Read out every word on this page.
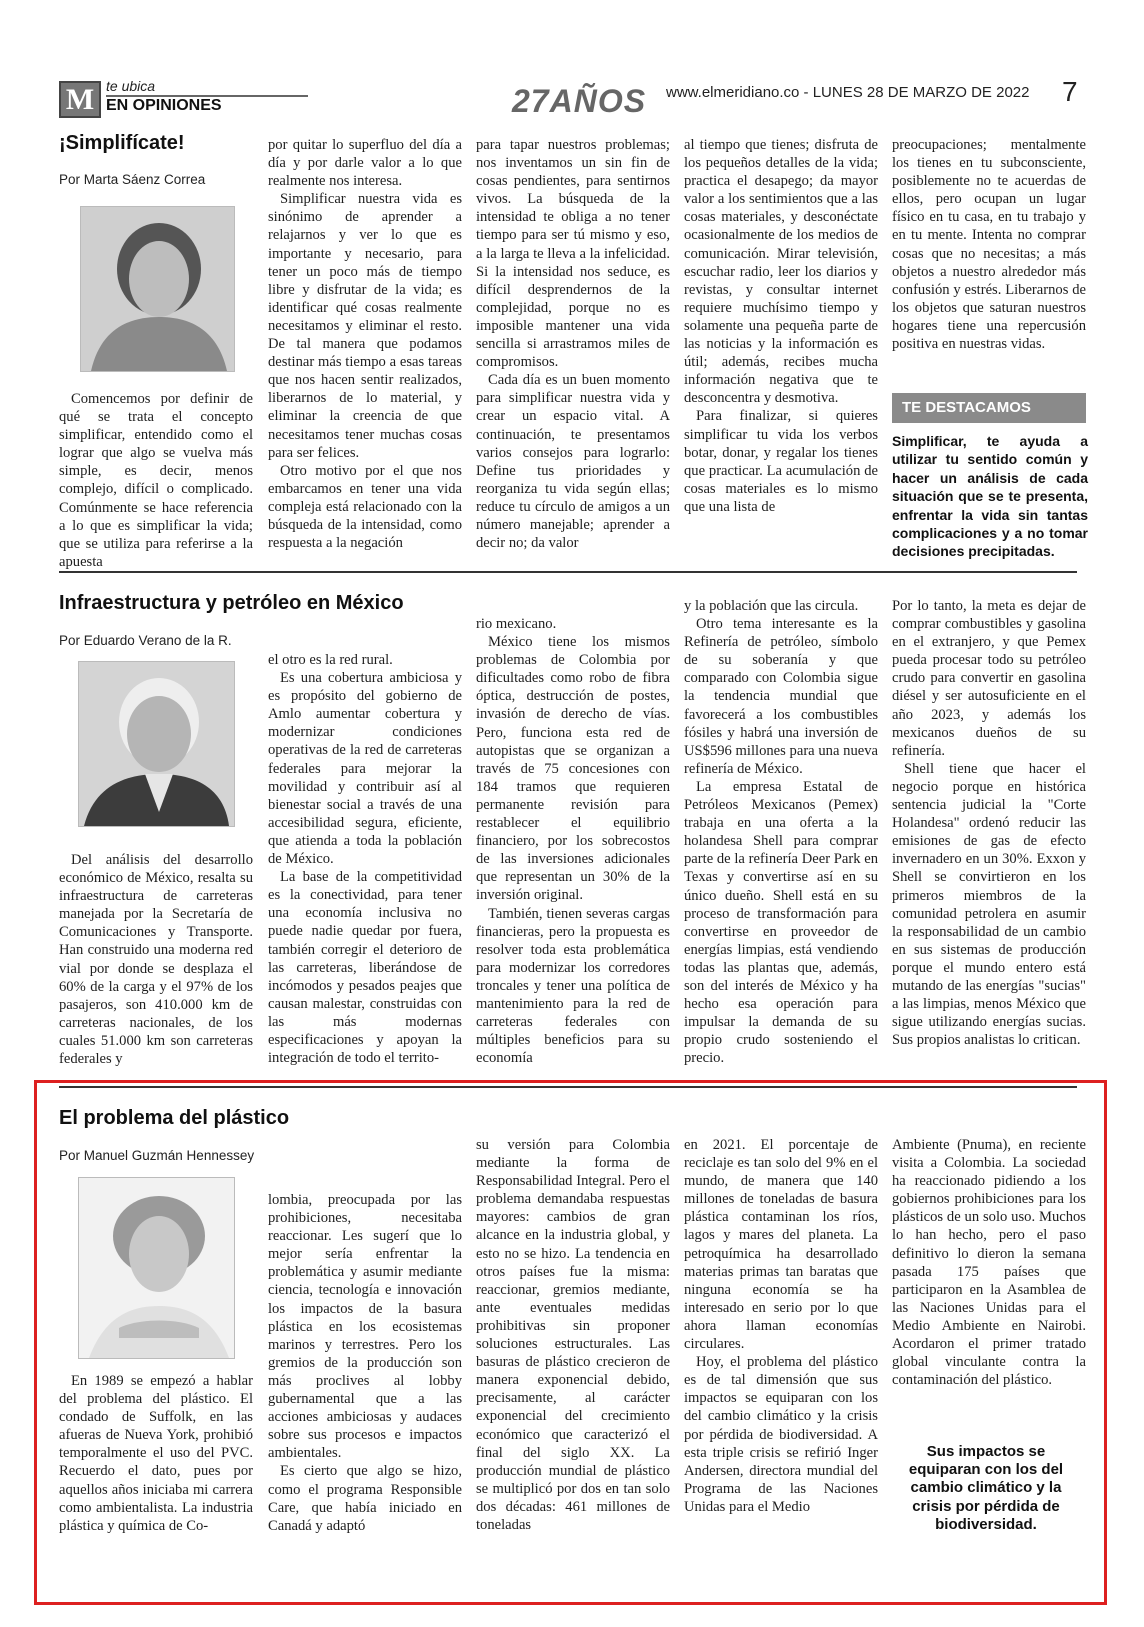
M te ubica
EN OPINIONES	27AÑOS www.elmeridiano.co - LUNES 28 DE MARZO DE 2022 7
¡Simplifícate!
Por Marta Sáenz Correa

Comencemos por definir de qué se trata el concepto simplificar, entendido como el lograr que algo se vuelva más simple, es decir, menos complejo, difícil o complicado. Comúnmente se hace referencia a lo que es simplificar la vida; que se utiliza para referirse a la apuesta

por quitar lo superfluo del día a día y por darle valor a lo que realmente nos interesa.

Simplificar nuestra vida es sinónimo de aprender a relajarnos y ver lo que es importante y necesario, para tener un poco más de tiempo libre y disfrutar de la vida; es identificar qué cosas realmente necesitamos y eliminar el resto. De tal manera que podamos destinar más tiempo a esas tareas que nos hacen sentir realizados, liberarnos de lo material, y eliminar la creencia de que necesitamos tener muchas cosas para ser felices.

Otro motivo por el que nos embarcamos en tener una vida compleja está relacionado con la búsqueda de la intensidad, como respuesta a la negación

para tapar nuestros problemas; nos inventamos un sin fin de cosas pendientes, para sentirnos vivos. La búsqueda de la intensidad te obliga a no tener tiempo para ser tú mismo y eso, a la larga te lleva a la infelicidad. Si la intensidad nos seduce, es difícil desprendernos de la complejidad, porque no es imposible mantener una vida sencilla si arrastramos miles de compromisos.

Cada día es un buen momento para simplificar nuestra vida y crear un espacio vital. A continuación, te presentamos varios consejos para lograrlo: Define tus prioridades y reorganiza tu vida según ellas; reduce tu círculo de amigos a un número manejable; aprender a decir no; da valor

al tiempo que tienes; disfruta de los pequeños detalles de la vida; practica el desapego; da mayor valor a los sentimientos que a las cosas materiales, y desconéctate ocasionalmente de los medios de comunicación. Mirar televisión, escuchar radio, leer los diarios y revistas, y consultar internet requiere muchísimo tiempo y solamente una pequeña parte de las noticias y la información es útil; además, recibes mucha información negativa que te desconcentra y desmotiva.

Para finalizar, si quieres simplificar tu vida los verbos botar, donar, y regalar los tienes que practicar. La acumulación de cosas materiales es lo mismo que una lista de

preocupaciones; mentalmente los tienes en tu subconsciente, posiblemente no te acuerdas de ellos, pero ocupan un lugar físico en tu casa, en tu trabajo y en tu mente. Intenta no comprar cosas que no necesitas; a más objetos a nuestro alrededor más confusión y estrés. Liberarnos de los objetos que saturan nuestros hogares tiene una repercusión positiva en nuestras vidas.

TE DESTACAMOS
Simplificar, te ayuda a utilizar tu sentido común y hacer un análisis de cada situación que se te presenta, enfrentar la vida sin tantas complicaciones y a no tomar decisiones precipitadas.
Infraestructura y petróleo en México
Por Eduardo Verano de la R.

Del análisis del desarrollo económico de México, resalta su infraestructura de carreteras manejada por la Secretaría de Comunicaciones y Transporte. Han construido una moderna red vial por donde se desplaza el 60% de la carga y el 97% de los pasajeros, son 410.000 km de carreteras nacionales, de los cuales 51.000 km son carreteras federales y

el otro es la red rural.

Es una cobertura ambiciosa y es propósito del gobierno de Amlo aumentar cobertura y modernizar condiciones operativas de la red de carreteras federales para mejorar la movilidad y contribuir así al bienestar social a través de una accesibilidad segura, eficiente, que atienda a toda la población de México.

La base de la competitividad es la conectividad, para tener una economía inclusiva no puede nadie quedar por fuera, también corregir el deterioro de las carreteras, liberándose de incómodos y pesados peajes que causan malestar, construidas con las más modernas especificaciones y apoyan la integración de todo el territo-

rio mexicano.

México tiene los mismos problemas de Colombia por dificultades como robo de fibra óptica, destrucción de postes, invasión de derecho de vías. Pero, funciona esta red de autopistas que se organizan a través de 75 concesiones con 184 tramos que requieren permanente revisión para restablecer el equilibrio financiero, por los sobrecostos de las inversiones adicionales que representan un 30% de la inversión original.

También, tienen severas cargas financieras, pero la propuesta es resolver toda esta problemática para modernizar los corredores troncales y tener una política de mantenimiento para la red de carreteras federales con múltiples beneficios para su economía

y la población que las circula.

Otro tema interesante es la Refinería de petróleo, símbolo de su soberanía y que comparado con Colombia sigue la tendencia mundial que favorecerá a los combustibles fósiles y habrá una inversión de US$596 millones para una nueva refinería de México.

La empresa Estatal de Petróleos Mexicanos (Pemex) trabaja en una oferta a la holandesa Shell para comprar parte de la refinería Deer Park en Texas y convertirse así en su único dueño. Shell está en su proceso de transformación para convertirse en proveedor de energías limpias, está vendiendo todas las plantas que, además, son del interés de México y ha hecho esa operación para impulsar la demanda de su propio crudo sosteniendo el precio.

Por lo tanto, la meta es dejar de comprar combustibles y gasolina en el extranjero, y que Pemex pueda procesar todo su petróleo crudo para convertir en gasolina diésel y ser autosuficiente en el año 2023, y además los mexicanos dueños de su refinería.

Shell tiene que hacer el negocio porque en histórica sentencia judicial la "Corte Holandesa" ordenó reducir las emisiones de gas de efecto invernadero en un 30%. Exxon y Shell se convirtieron en los primeros miembros de la comunidad petrolera en asumir la responsabilidad de un cambio en sus sistemas de producción porque el mundo entero está mutando de las energías "sucias" a las limpias, menos México que sigue utilizando energías sucias. Sus propios analistas lo critican.

El problema del plástico
Por Manuel Guzmán Hennessey

En 1989 se empezó a hablar del problema del plástico. El condado de Suffolk, en las afueras de Nueva York, prohibió temporalmente el uso del PVC. Recuerdo el dato, pues por aquellos años iniciaba mi carrera como ambientalista. La industria plástica y química de Co-

lombia, preocupada por las prohibiciones, necesitaba reaccionar. Les sugerí que lo mejor sería enfrentar la problemática y asumir mediante ciencia, tecnología e innovación los impactos de la basura plástica en los ecosistemas marinos y terrestres. Pero los gremios de la producción son más proclives al lobby gubernamental que a las acciones ambiciosas y audaces sobre sus procesos e impactos ambientales.

Es cierto que algo se hizo, como el programa Responsible Care, que había iniciado en Canadá y adaptó

su versión para Colombia mediante la forma de Responsabilidad Integral. Pero el problema demandaba respuestas mayores: cambios de gran alcance en la industria global, y esto no se hizo. La tendencia en otros países fue la misma: reaccionar, gremios mediante, ante eventuales medidas prohibitivas sin proponer soluciones estructurales. Las basuras de plástico crecieron de manera exponencial debido, precisamente, al carácter exponencial del crecimiento económico que caracterizó el final del siglo XX. La producción mundial de plástico se multiplicó por dos en tan solo dos décadas: 461 millones de toneladas

en 2021. El porcentaje de reciclaje es tan solo del 9% en el mundo, de manera que 140 millones de toneladas de basura plástica contaminan los ríos, lagos y mares del planeta. La petroquímica ha desarrollado materias primas tan baratas que ninguna economía se ha interesado en serio por lo que ahora llaman economías circulares.

Hoy, el problema del plástico es de tal dimensión que sus impactos se equiparan con los del cambio climático y la crisis por pérdida de biodiversidad. A esta triple crisis se refirió Inger Andersen, directora mundial del Programa de las Naciones Unidas para el Medio

Ambiente (Pnuma), en reciente visita a Colombia. La sociedad ha reaccionado pidiendo a los gobiernos prohibiciones para los plásticos de un solo uso. Muchos lo han hecho, pero el paso definitivo lo dieron la semana pasada 175 países que participaron en la Asamblea de las Naciones Unidas para el Medio Ambiente en Nairobi. Acordaron el primer tratado global vinculante contra la contaminación del plástico.

Sus impactos se equiparan con los del cambio climático y la crisis por pérdida de biodiversidad.
